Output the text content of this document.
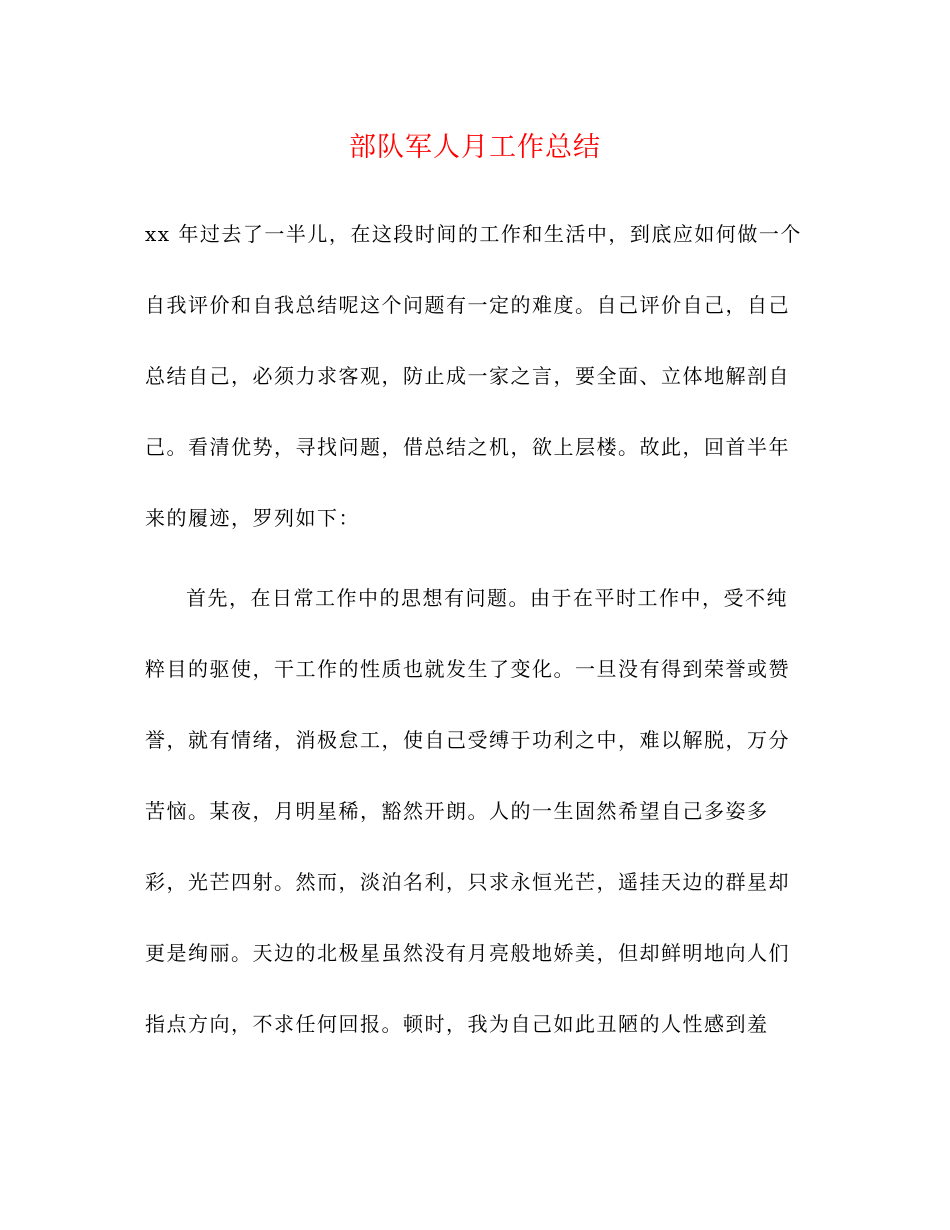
部队军人月工作总结
xx 年过去了一半儿，在这段时间的工作和生活中，到底应如何做一个
自我评价和自我总结呢这个问题有一定的难度。自己评价自己，自己
总结自己，必须力求客观，防止成一家之言，要全面、立体地解剖自
己。看清优势，寻找问题，借总结之机，欲上层楼。故此，回首半年
来的履迹，罗列如下：
首先，在日常工作中的思想有问题。由于在平时工作中，受不纯
粹目的驱使，干工作的性质也就发生了变化。一旦没有得到荣誉或赞
誉，就有情绪，消极怠工，使自己受缚于功利之中，难以解脱，万分
苦恼。某夜，月明星稀，豁然开朗。人的一生固然希望自己多姿多
彩，光芒四射。然而，淡泊名利，只求永恒光芒，遥挂天边的群星却
更是绚丽。天边的北极星虽然没有月亮般地娇美，但却鲜明地向人们
指点方向，不求任何回报。顿时，我为自己如此丑陋的人性感到羞
